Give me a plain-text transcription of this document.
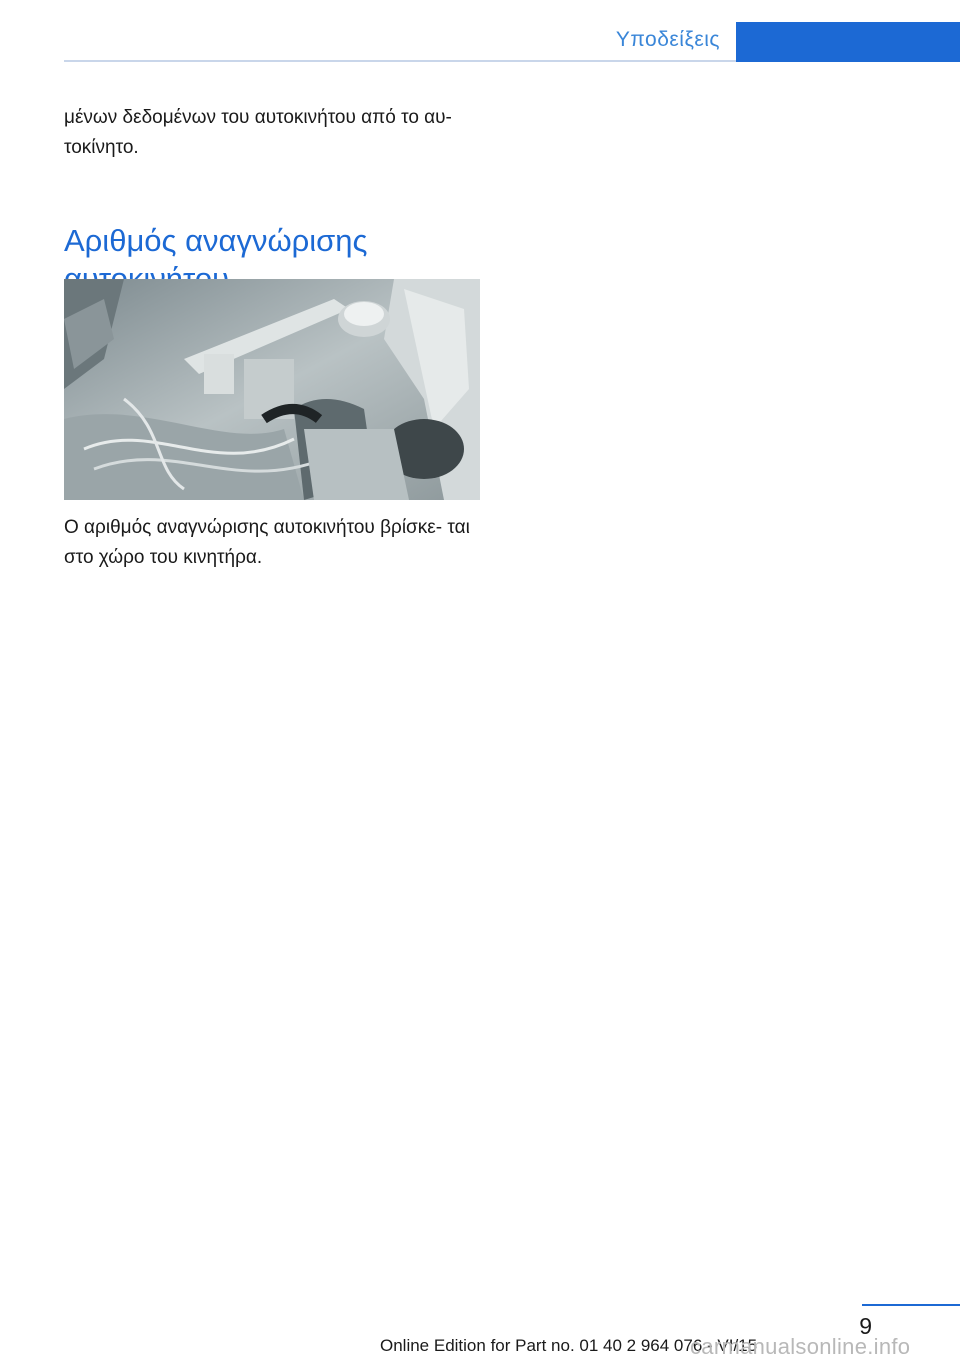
Υποδείξεις
μένων δεδομένων του αυτοκινήτου από το αυ- τοκίνητο.
Αριθμός αναγνώρισης
Ο αριθμός αναγνώρισης αυτοκινήτου βρίσκε- ται στο χώρο του κινητήρα.
9
Online Edition for Part no. 01 40 2 964 076 - VI/15
carmanualsonline.info
